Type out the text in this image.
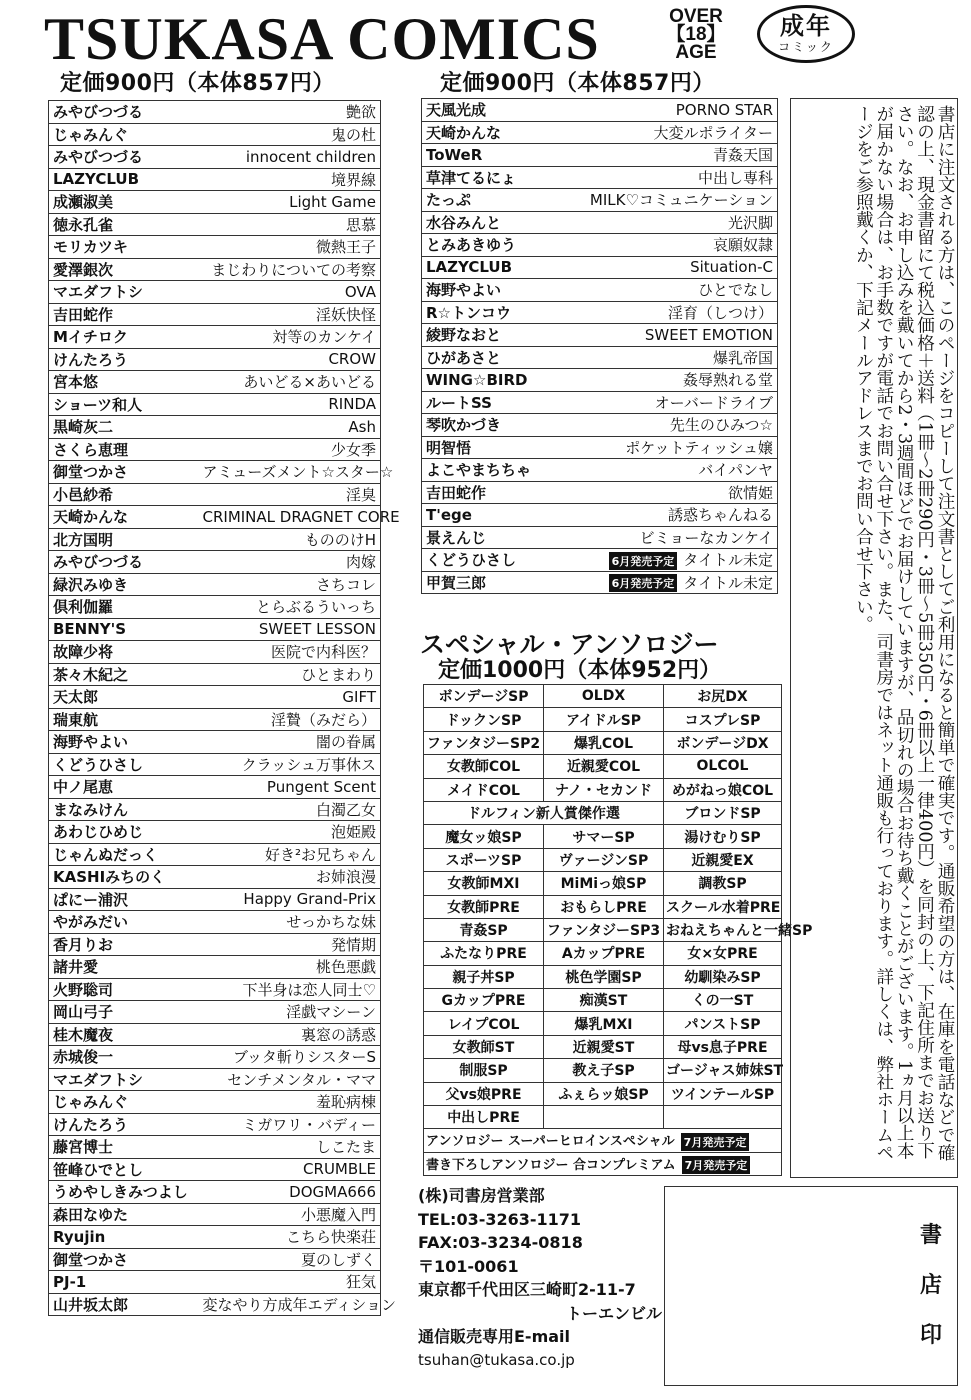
TSUKASA COMICS	OVER
【18】
AGE
成年
コミック
定価900円（本体857円）	定価900円（本体857円）
みやびつづる	艶欲
じゃみんぐ	鬼の杜
みやびつづる	innocent children
LAZYCLUB	境界線
成瀬淑美	Light Game
徳永孔雀	思慕
モリカツキ	微熱王子
愛澤銀次	まじわりについての考察
マエダフトシ	OVA
吉田蛇作	淫妖快怪
Mイチロク	対等のカンケイ
けんたろう	CROW
宮本悠	あいどる×あいどる
ショーツ和人	RINDA
黒崎灰二	Ash
さくら恵理	少女季
御堂つかさ	アミューズメント☆スター☆
小邑紗希	淫臭
天崎かんな	CRIMINAL DRAGNET CORE
北方国明	もののけH
みやびつづる	肉嫁
緑沢みゆき	さちコレ
倶利伽羅	とらぶるういっち
BENNY'S	SWEET LESSON
故障少将	医院で内科医？
茶々木紀之	ひとまわり
天太郎	GIFT
瑞東航	淫贄（みだら）
海野やよい	闇の眷属
くどうひさし	クラッシュ万事休ス
中ノ尾恵	Pungent Scent
まなみけん	白濁乙女
あわじひめじ	泡姫殿
じゃんぬだっく	好き²お兄ちゃん
KASHIみちのく	お姉浪漫
ぱにー浦沢	Happy Grand-Prix
やがみだい	せっかちな妹
香月りお	発情期
諸井愛	桃色悪戯
火野聡司	下半身は恋人同士♡
岡山弓子	淫戯マシーン
桂木魔夜	裏窓の誘惑
赤城俊一	ブッタ斬りシスターS
マエダフトシ	センチメンタル・ママ
じゃみんぐ	羞恥病棟
けんたろう	ミガワリ・バディー
藤宮博士	しこたま
笹峰ひでとし	CRUMBLE
うめやしきみつよし	DOGMA666
森田なゆた	小悪魔入門
Ryujin	こちら快楽荘
御堂つかさ	夏のしずく
PJ-1	狂気
山井坂太郎	変なやり方成年エディション
天風光成	PORNO STAR
天崎かんな	大変ルポライター
ToWeR	青姦天国
草津てるにょ	中出し専科
たっぷ	MILK♡コミュニケーション
水谷みんと	光沢脚
とみあきゆう	哀願奴隷
LAZYCLUB	Situation-C
海野やよい	ひとでなし
R☆トンコウ	淫育（しつけ）
綾野なおと	SWEET EMOTION
ひがあさと	爆乳帝国
WING☆BIRD	姦辱熟れる堂
ルートSS	オーバードライブ
琴吹かづき	先生のひみつ☆
明智悟	ポケットティッシュ嬢
よこやまちちゃ	バイパンヤ
吉田蛇作	欲情姫
T'ege	誘惑ちゃんねる
景えんじ	ビミョーなカンケイ
くどうひさし	6月発売予定 タイトル未定
甲賀三郎	6月発売予定 タイトル未定
スペシャル・アンソロジー
定価1000円（本体952円）
ボンデージSP	OLDX	お尻DX
ドックンSP	アイドルSP	コスプレSP
ファンタジーSP2	爆乳COL	ボンデージDX
女教師COL	近親愛COL	OLCOL
メイドCOL	ナノ・セカンド	めがねっ娘COL
ドルフィン新人賞傑作選		ブロンドSP
魔女ッ娘SP	サマーSP	湯けむりSP
スポーツSP	ヴァージンSP	近親愛EX
女教師MXI	MiMiっ娘SP	調教SP
女教師PRE	おもらしPRE	スクール水着PRE
青姦SP	ファンタジーSP3	おねえちゃんと一緒SP
ふたなりPRE	AカップPRE	女×女PRE
親子丼SP	桃色学園SP	幼馴染みSP
GカップPRE	痴漢ST	くの一ST
レイプCOL	爆乳MXI	パンストSP
女教師ST	近親愛ST	母vs息子PRE
制服SP	教え子SP	ゴージャス姉妹ST
父vs娘PRE	ふぇらッ娘SP	ツインテールSP
中出しPRE		
アンソロジー スーパーヒロインスペシャル 7月発売予定		
書き下ろしアンソロジー 合コンプレミアム 7月発売予定		
(株)司書房営業部
TEL:03-3263-1171
FAX:03-3234-0818
〒101-0061
東京都千代田区三崎町2-11-7
トーエンビル
通信販売専用E-mail
tsuhan@tukasa.co.jp
書店印
書店に注文される方は、このページをコピーして注文書としてご利用になると簡単で確実です。通販希望の方は、在庫を電話などで確認の上、現金書留にて税込価格＋送料（1冊～2冊290円・3冊～5冊350円・6冊以上一律400円）を同封の上、下記住所までお送り下さい。なお、お申し込みを戴いてから2・3週間ほどでお届けしていますが、品切れの場合お待ち戴くことがございます。1ヵ月以上本が届かない場合は、お手数ですが電話でお問い合せ下さい。また、司書房ではネット通販も行っております。詳しくは、弊社ホームページをご参照戴くか、下記メールアドレスまでお問い合せ下さい。
